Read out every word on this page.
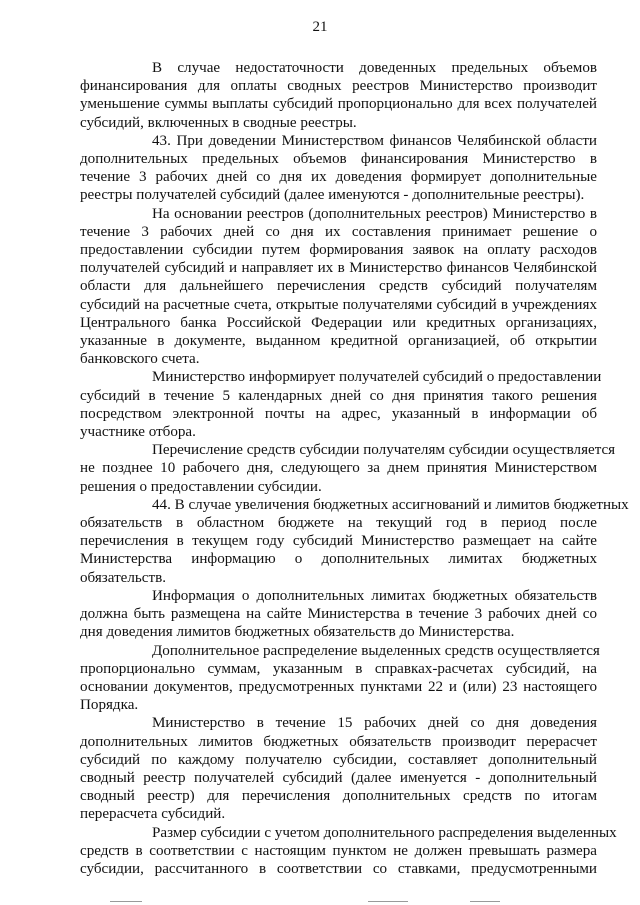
21
В случае недостаточности доведенных предельных объемов
финансирования для оплаты сводных реестров Министерство производит
уменьшение суммы выплаты субсидий пропорционально для всех получателей
субсидий, включенных в сводные реестры.
43. При доведении Министерством финансов Челябинской области
дополнительных предельных объемов финансирования Министерство в
течение 3 рабочих дней со дня их доведения формирует дополнительные
реестры получателей субсидий (далее именуются - дополнительные реестры).
На основании реестров (дополнительных реестров) Министерство в
течение 3 рабочих дней со дня их составления принимает решение о
предоставлении субсидии путем формирования заявок на оплату расходов
получателей субсидий и направляет их в Министерство финансов Челябинской
области для дальнейшего перечисления средств субсидий получателям
субсидий на расчетные счета, открытые получателями субсидий в учреждениях
Центрального банка Российской Федерации или кредитных организациях,
указанные в документе, выданном кредитной организацией, об открытии
банковского счета.
Министерство информирует получателей субсидий о предоставлении
субсидий в течение 5 календарных дней со дня принятия такого решения
посредством электронной почты на адрес, указанный в информации об
участнике отбора.
Перечисление средств субсидии получателям субсидии осуществляется
не позднее 10 рабочего дня, следующего за днем принятия Министерством
решения о предоставлении субсидии.
44. В случае увеличения бюджетных ассигнований и лимитов бюджетных
обязательств в областном бюджете на текущий год в период после
перечисления в текущем году субсидий Министерство размещает на сайте
Министерства информацию о дополнительных лимитах бюджетных
обязательств.
Информация о дополнительных лимитах бюджетных обязательств
должна быть размещена на сайте Министерства в течение 3 рабочих дней со
дня доведения лимитов бюджетных обязательств до Министерства.
Дополнительное распределение выделенных средств осуществляется
пропорционально суммам, указанным в справках-расчетах субсидий, на
основании документов, предусмотренных пунктами 22 и (или) 23 настоящего
Порядка.
Министерство в течение 15 рабочих дней со дня доведения
дополнительных лимитов бюджетных обязательств производит перерасчет
субсидий по каждому получателю субсидии, составляет дополнительный
сводный реестр получателей субсидий (далее именуется - дополнительный
сводный реестр) для перечисления дополнительных средств по итогам
перерасчета субсидий.
Размер субсидии с учетом дополнительного распределения выделенных
средств в соответствии с настоящим пунктом не должен превышать размера
субсидии, рассчитанного в соответствии со ставками, предусмотренными
